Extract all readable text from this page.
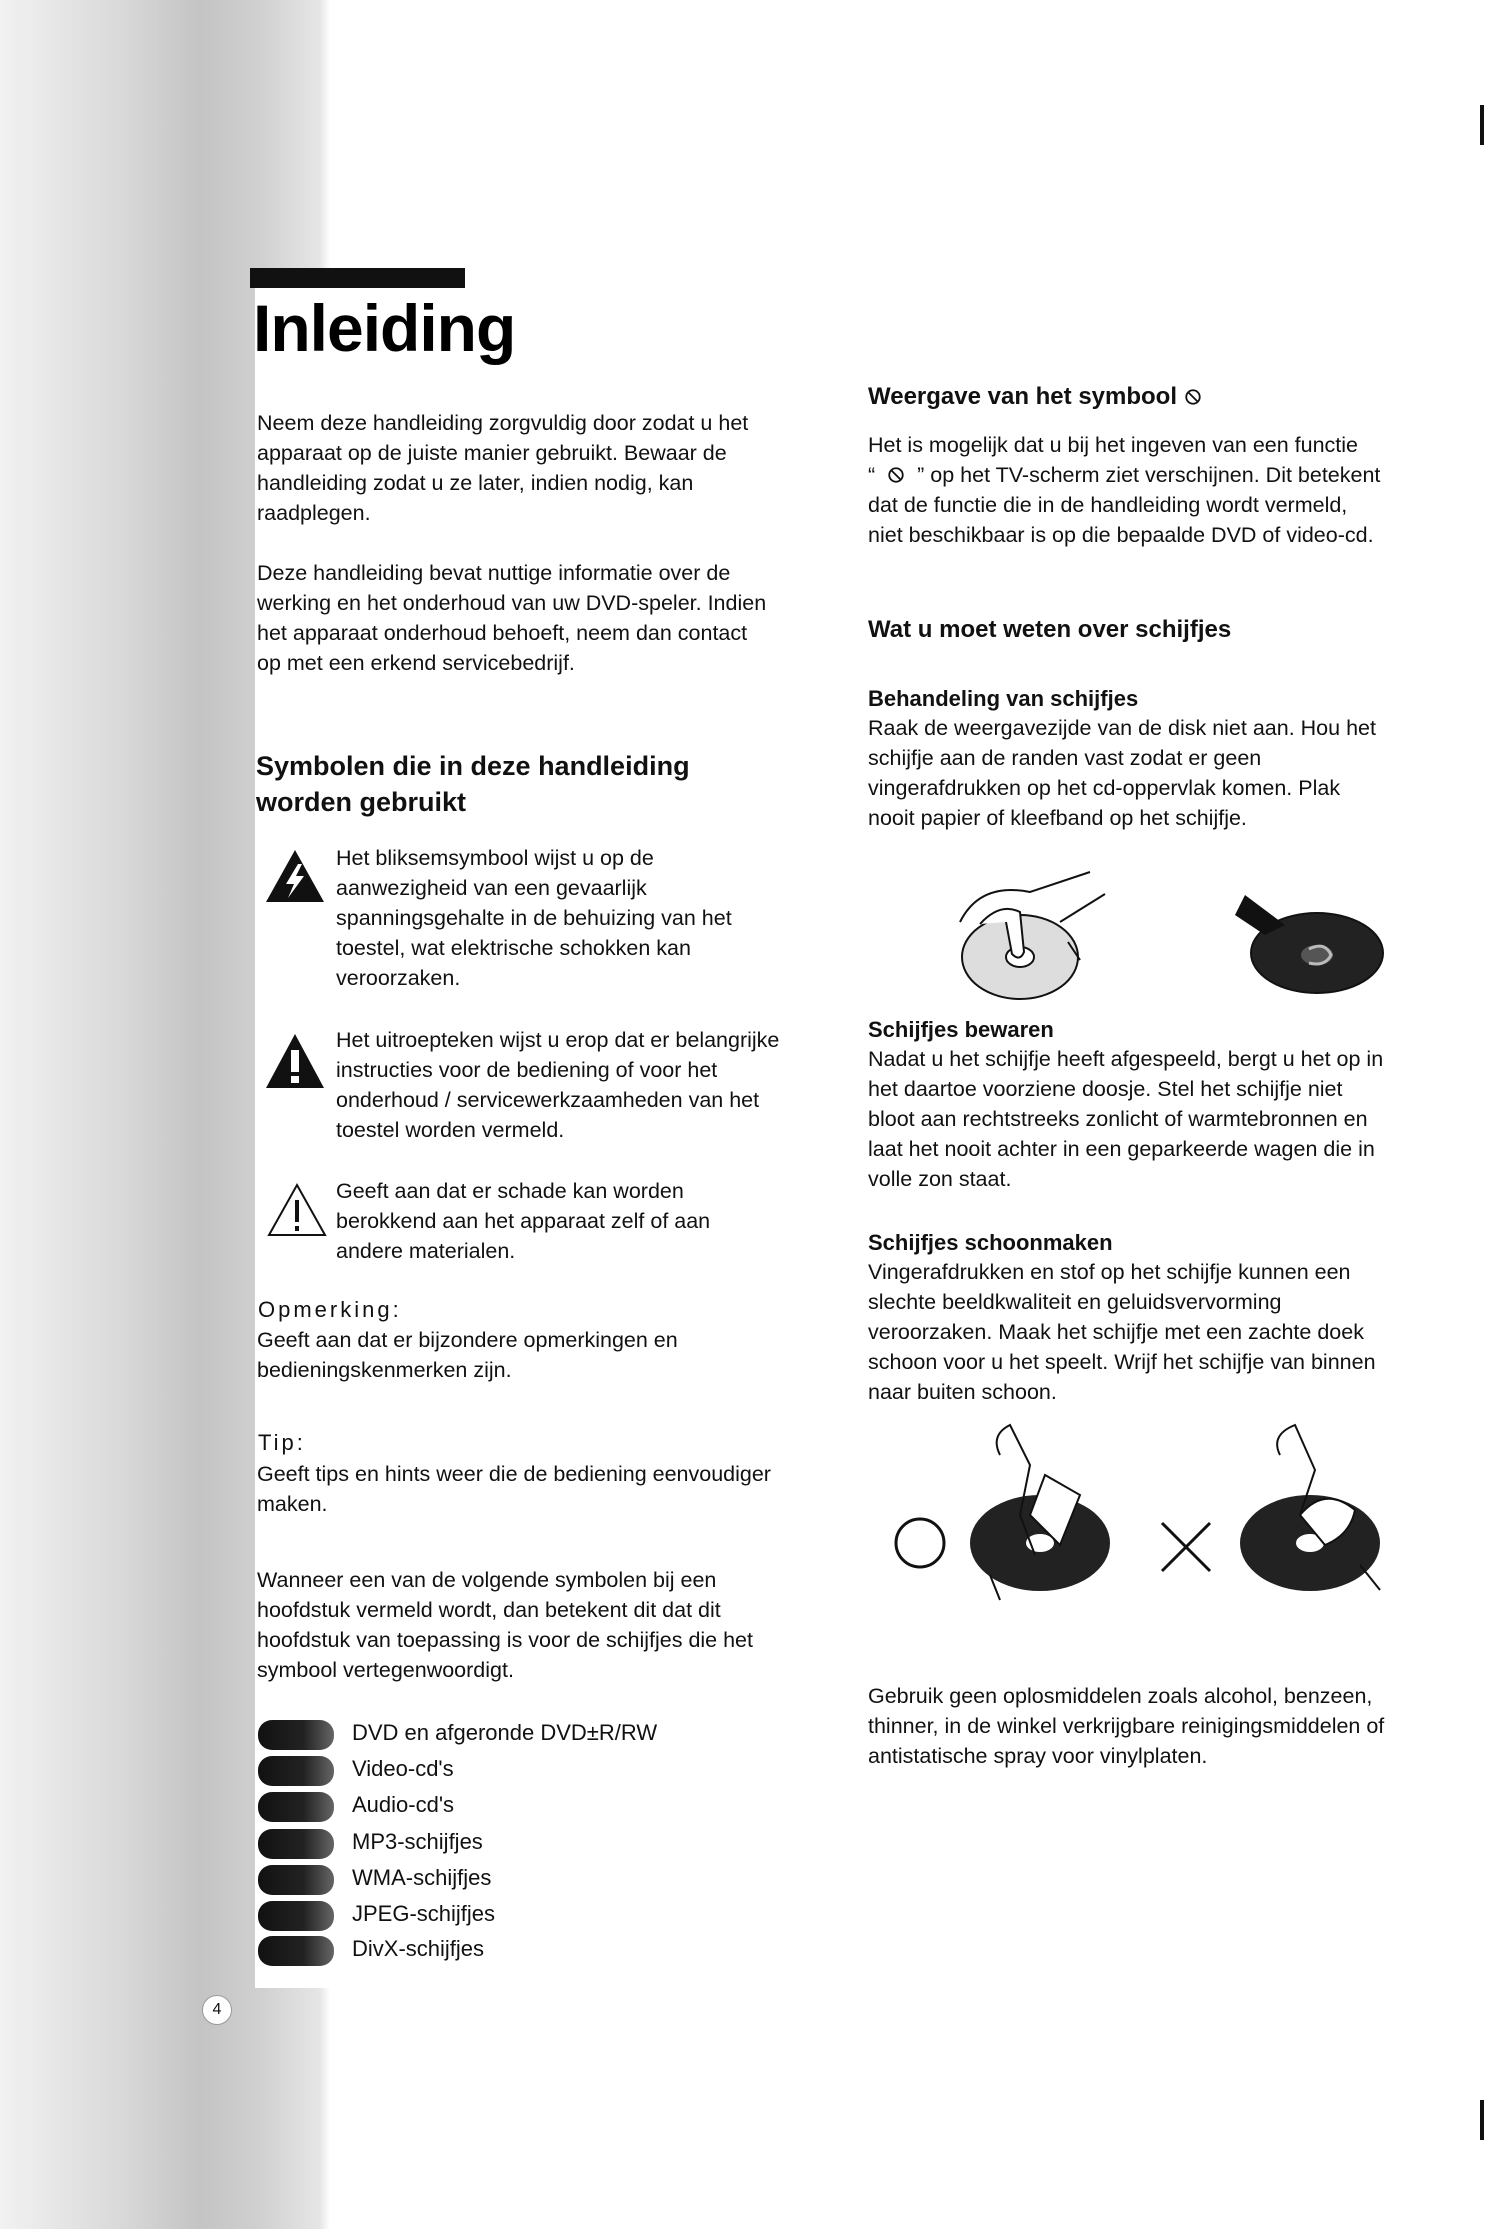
Inleiding
Neem deze handleiding zorgvuldig door zodat u het
apparaat op de juiste manier gebruikt. Bewaar de
handleiding zodat u ze later, indien nodig, kan
raadplegen.
Deze handleiding bevat nuttige informatie over de
werking en het onderhoud van uw DVD-speler. Indien
het apparaat onderhoud behoeft, neem dan contact
op met een erkend servicebedrijf.
Symbolen die in deze handleiding
worden gebruikt
Het bliksemsymbool wijst u op de
aanwezigheid van een gevaarlijk
spanningsgehalte in de behuizing van het
toestel, wat elektrische schokken kan
veroorzaken.
Het uitroepteken wijst u erop dat er belangrijke
instructies voor de bediening of voor het
onderhoud / servicewerkzaamheden van het
toestel worden vermeld.
Geeft aan dat er schade kan worden
berokkend aan het apparaat zelf of aan
andere materialen.
Opmerking:
Geeft aan dat er bijzondere opmerkingen en
bedieningskenmerken zijn.
Tip:
Geeft tips en hints weer die de bediening eenvoudiger
maken.
Wanneer een van de volgende symbolen bij een
hoofdstuk vermeld wordt, dan betekent dit dat dit
hoofdstuk van toepassing is voor de schijfjes die het
symbool vertegenwoordigt.
DVD en afgeronde DVD±R/RW
Video-cd's
Audio-cd's
MP3-schijfjes
WMA-schijfjes
JPEG-schijfjes
DivX-schijfjes
4
Weergave van het symbool
Het is mogelijk dat u bij het ingeven van een functie
“ ” op het TV-scherm ziet verschijnen. Dit betekent
dat de functie die in de handleiding wordt vermeld,
niet beschikbaar is op die bepaalde DVD of video-cd.
Wat u moet weten over schijfjes
Behandeling van schijfjes
Raak de weergavezijde van de disk niet aan. Hou het
schijfje aan de randen vast zodat er geen
vingerafdrukken op het cd-oppervlak komen. Plak
nooit papier of kleefband op het schijfje.
Schijfjes bewaren
Nadat u het schijfje heeft afgespeeld, bergt u het op in
het daartoe voorziene doosje. Stel het schijfje niet
bloot aan rechtstreeks zonlicht of warmtebronnen en
laat het nooit achter in een geparkeerde wagen die in
volle zon staat.
Schijfjes schoonmaken
Vingerafdrukken en stof op het schijfje kunnen een
slechte beeldkwaliteit en geluidsvervorming
veroorzaken. Maak het schijfje met een zachte doek
schoon voor u het speelt. Wrijf het schijfje van binnen
naar buiten schoon.
Gebruik geen oplosmiddelen zoals alcohol, benzeen,
thinner, in de winkel verkrijgbare reinigingsmiddelen of
antistatische spray voor vinylplaten.
